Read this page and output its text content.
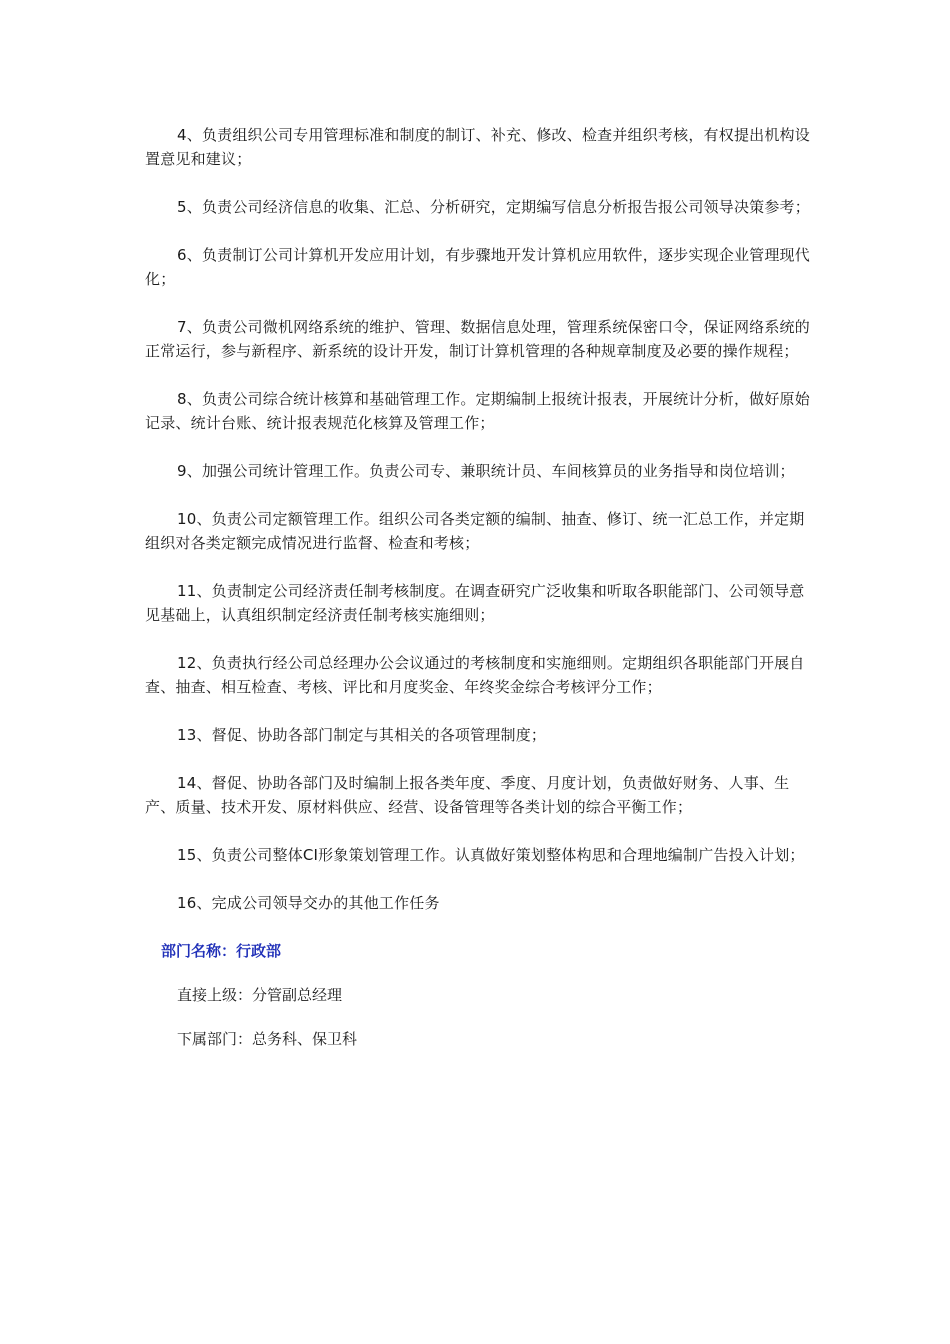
4、负责组织公司专用管理标准和制度的制订、补充、修改、检查并组织考核，有权提出机构设置意见和建议；

5、负责公司经济信息的收集、汇总、分析研究，定期编写信息分析报告报公司领导决策参考；

6、负责制订公司计算机开发应用计划，有步骤地开发计算机应用软件，逐步实现企业管理现代化；

7、负责公司微机网络系统的维护、管理、数据信息处理，管理系统保密口令，保证网络系统的正常运行，参与新程序、新系统的设计开发，制订计算机管理的各种规章制度及必要的操作规程；

8、负责公司综合统计核算和基础管理工作。定期编制上报统计报表，开展统计分析，做好原始记录、统计台账、统计报表规范化核算及管理工作；

9、加强公司统计管理工作。负责公司专、兼职统计员、车间核算员的业务指导和岗位培训；

10、负责公司定额管理工作。组织公司各类定额的编制、抽查、修订、统一汇总工作，并定期组织对各类定额完成情况进行监督、检查和考核；

11、负责制定公司经济责任制考核制度。在调查研究广泛收集和听取各职能部门、公司领导意见基础上，认真组织制定经济责任制考核实施细则；

12、负责执行经公司总经理办公会议通过的考核制度和实施细则。定期组织各职能部门开展自查、抽查、相互检查、考核、评比和月度奖金、年终奖金综合考核评分工作；

13、督促、协助各部门制定与其相关的各项管理制度；

14、督促、协助各部门及时编制上报各类年度、季度、月度计划，负责做好财务、人事、生产、质量、技术开发、原材料供应、经营、设备管理等各类计划的综合平衡工作；

15、负责公司整体CI形象策划管理工作。认真做好策划整体构思和合理地编制广告投入计划；

16、完成公司领导交办的其他工作任务

部门名称：行政部

直接上级：分管副总经理

下属部门：总务科、保卫科
